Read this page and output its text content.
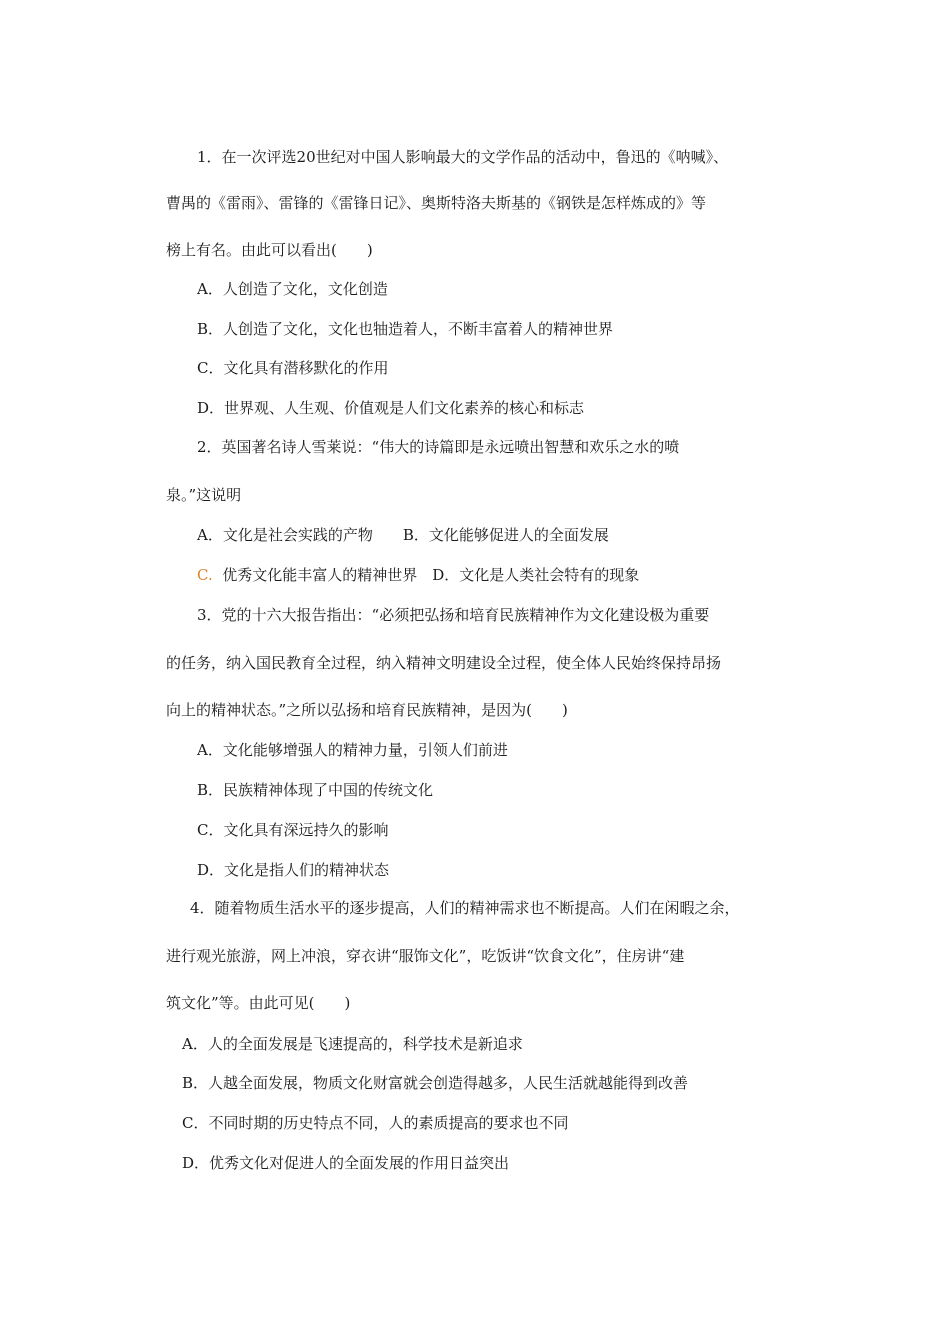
1．在一次评选20世纪对中国人影响最大的文学作品的活动中，鲁迅的《呐喊》、
曹禺的《雷雨》、雷锋的《雷锋日记》、奥斯特洛夫斯基的《钢铁是怎样炼成的》等
榜上有名。由此可以看出(　　)
A．人创造了文化，文化创造
B．人创造了文化，文化也牰造着人，不断丰富着人的精神世界
C．文化具有潜移默化的作用
D．世界观、人生观、价值观是人们文化素养的核心和标志
2．英国著名诗人雪莱说：“伟大的诗篇即是永远喷出智慧和欢乐之水的喷
泉。”这说明
A．文化是社会实践的产物　　B．文化能够促进人的全面发展
C. 优秀文化能丰富人的精神世界　D．文化是人类社会特有的现象
3．党的十六大报告指出：“必须把弘扬和培育民族精神作为文化建设极为重要
的任务，纳入国民教育全过程，纳入精神文明建设全过程，使全体人民始终保持昂扬
向上的精神状态。”之所以弘扬和培育民族精神，是因为(　　)
A．文化能够增强人的精神力量，引领人们前进
B．民族精神体现了中国的传统文化
C．文化具有深远持久的影响
D．文化是指人们的精神状态
4．随着物质生活水平的逐步提高，人们的精神需求也不断提高。人们在闲暇之余，
进行观光旅游，网上冲浪，穿衣讲“服饰文化”，吃饭讲“饮食文化”，住房讲“建
筑文化”等。由此可见(　　)
A．人的全面发展是飞速提高的，科学技术是新追求
B．人越全面发展，物质文化财富就会创造得越多，人民生活就越能得到改善
C．不同时期的历史特点不同，人的素质提高的要求也不同
D．优秀文化对促进人的全面发展的作用日益突出
